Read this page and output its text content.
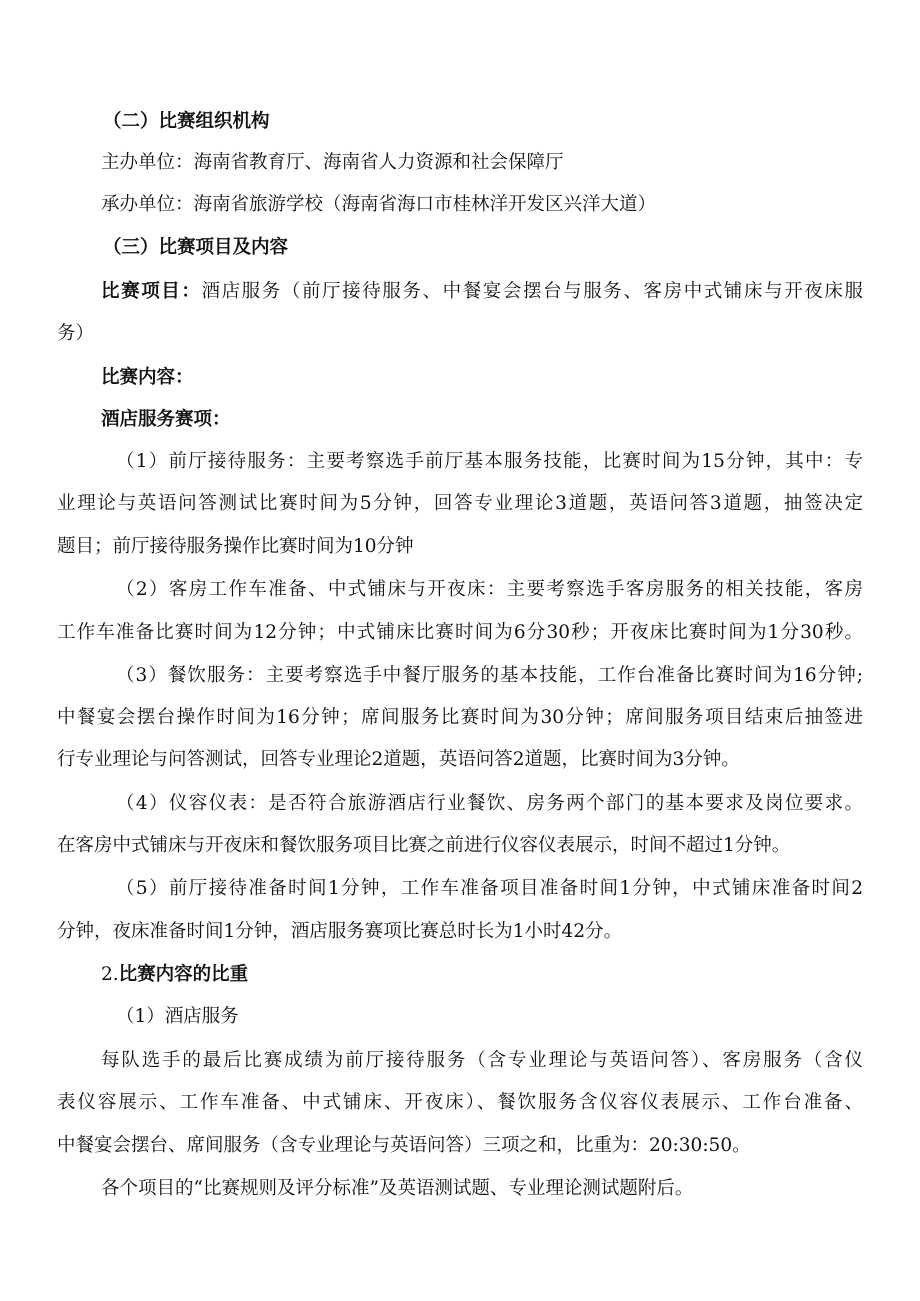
（二）比赛组织机构
主办单位：海南省教育厅、海南省人力资源和社会保障厅
承办单位：海南省旅游学校（海南省海口市桂林洋开发区兴洋大道）
（三）比赛项目及内容
比赛项目：酒店服务（前厅接待服务、中餐宴会摆台与服务、客房中式铺床与开夜床服
务）
比赛内容：
酒店服务赛项：
（1）前厅接待服务：主要考察选手前厅基本服务技能，比赛时间为15分钟，其中：专
业理论与英语问答测试比赛时间为5分钟，回答专业理论3道题，英语问答3道题，抽签决定
题目；前厅接待服务操作比赛时间为10分钟
（2）客房工作车准备、中式铺床与开夜床：主要考察选手客房服务的相关技能，客房
工作车准备比赛时间为12分钟；中式铺床比赛时间为6分30秒；开夜床比赛时间为1分30秒。
（3）餐饮服务：主要考察选手中餐厅服务的基本技能，工作台准备比赛时间为16分钟;
中餐宴会摆台操作时间为16分钟；席间服务比赛时间为30分钟；席间服务项目结束后抽签进
行专业理论与问答测试，回答专业理论2道题，英语问答2道题，比赛时间为3分钟。
（4）仪容仪表：是否符合旅游酒店行业餐饮、房务两个部门的基本要求及岗位要求。
在客房中式铺床与开夜床和餐饮服务项目比赛之前进行仪容仪表展示，时间不超过1分钟。
（5）前厅接待准备时间1分钟，工作车准备项目准备时间1分钟，中式铺床准备时间2
分钟，夜床准备时间1分钟，酒店服务赛项比赛总时长为1小时42分。
2.比赛内容的比重
（1）酒店服务
每队选手的最后比赛成绩为前厅接待服务（含专业理论与英语问答）、客房服务（含仪
表仪容展示、工作车准备、中式铺床、开夜床）、餐饮服务含仪容仪表展示、工作台准备、
中餐宴会摆台、席间服务（含专业理论与英语问答）三项之和，比重为：20:30:50。
各个项目的“比赛规则及评分标准”及英语测试题、专业理论测试题附后。
